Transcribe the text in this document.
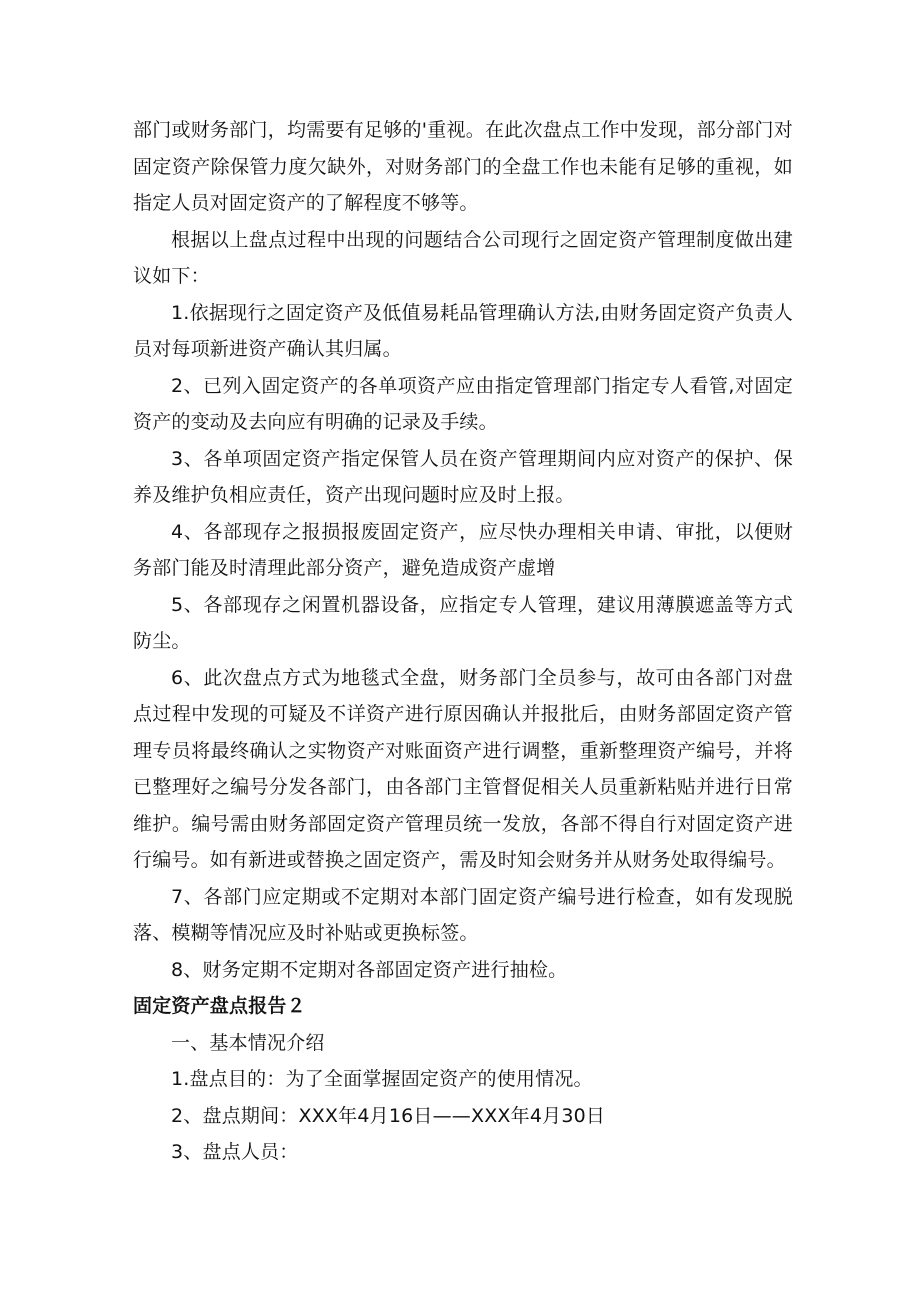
部门或财务部门，均需要有足够的'重视。在此次盘点工作中发现，部分部门对固定资产除保管力度欠缺外，对财务部门的全盘工作也未能有足够的重视，如指定人员对固定资产的了解程度不够等。

根据以上盘点过程中出现的问题结合公司现行之固定资产管理制度做出建议如下：

1.依据现行之固定资产及低值易耗品管理确认方法,由财务固定资产负责人员对每项新进资产确认其归属。

2、已列入固定资产的各单项资产应由指定管理部门指定专人看管,对固定资产的变动及去向应有明确的记录及手续。

3、各单项固定资产指定保管人员在资产管理期间内应对资产的保护、保养及维护负相应责任，资产出现问题时应及时上报。

4、各部现存之报损报废固定资产，应尽快办理相关申请、审批，以便财务部门能及时清理此部分资产，避免造成资产虚增

5、各部现存之闲置机器设备，应指定专人管理，建议用薄膜遮盖等方式防尘。

6、此次盘点方式为地毯式全盘，财务部门全员参与，故可由各部门对盘点过程中发现的可疑及不详资产进行原因确认并报批后，由财务部固定资产管理专员将最终确认之实物资产对账面资产进行调整，重新整理资产编号，并将已整理好之编号分发各部门，由各部门主管督促相关人员重新粘贴并进行日常维护。编号需由财务部固定资产管理员统一发放，各部不得自行对固定资产进行编号。如有新进或替换之固定资产，需及时知会财务并从财务处取得编号。

7、各部门应定期或不定期对本部门固定资产编号进行检查，如有发现脱落、模糊等情况应及时补贴或更换标签。

8、财务定期不定期对各部固定资产进行抽检。

固定资产盘点报告２

一、基本情况介绍

1.盘点目的：为了全面掌握固定资产的使用情况。

2、盘点期间：XXX年4月16日——XXX年4月30日

3、盘点人员：
